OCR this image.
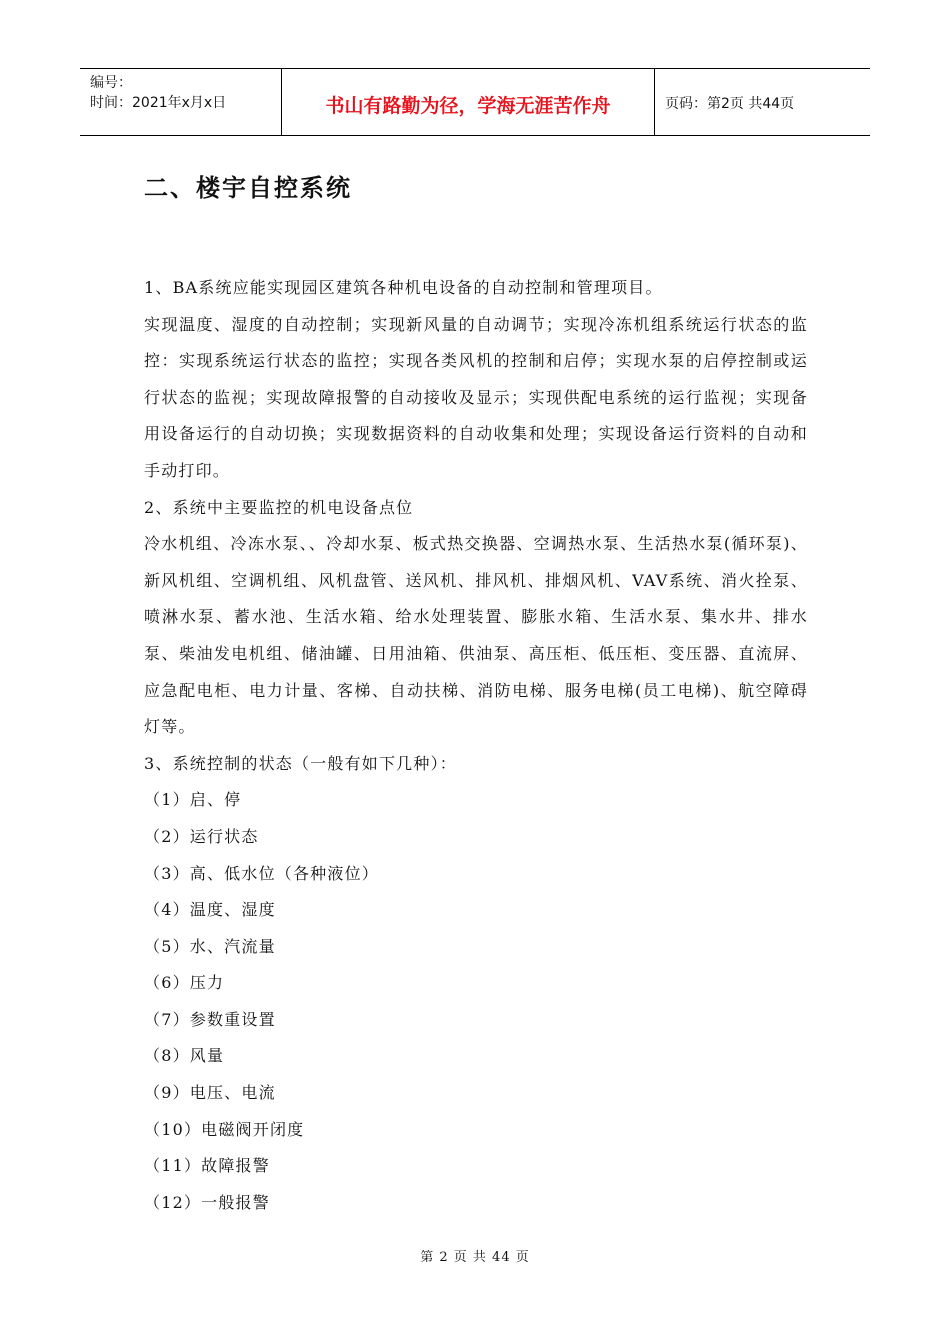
编号：
时间：2021年x月x日	书山有路勤为径，学海无涯苦作舟	页码：第2页 共44页
二、楼宇自控系统

1、BA系统应能实现园区建筑各种机电设备的自动控制和管理项目。

实现温度、湿度的自动控制；实现新风量的自动调节；实现冷冻机组系统运行状态的监控：实现系统运行状态的监控；实现各类风机的控制和启停；实现水泵的启停控制或运行状态的监视；实现故障报警的自动接收及显示；实现供配电系统的运行监视；实现备用设备运行的自动切换；实现数据资料的自动收集和处理；实现设备运行资料的自动和手动打印。

2、系统中主要监控的机电设备点位

冷水机组、冷冻水泵、、冷却水泵、板式热交换器、空调热水泵、生活热水泵(循环泵)、新风机组、空调机组、风机盘管、送风机、排风机、排烟风机、VAV系统、消火拴泵、喷淋水泵、蓄水池、生活水箱、给水处理装置、膨胀水箱、生活水泵、集水井、排水泵、柴油发电机组、储油罐、日用油箱、供油泵、高压柜、低压柜、变压器、直流屏、应急配电柜、电力计量、客梯、自动扶梯、消防电梯、服务电梯(员工电梯)、航空障碍灯等。

3、系统控制的状态（一般有如下几种）：

（1）启、停

（2）运行状态

（3）高、低水位（各种液位）

（4）温度、湿度

（5）水、汽流量

（6）压力

（7）参数重设置

（8）风量

（9）电压、电流

（10）电磁阀开闭度

（11）故障报警

（12）一般报警

第 2 页 共 44 页
